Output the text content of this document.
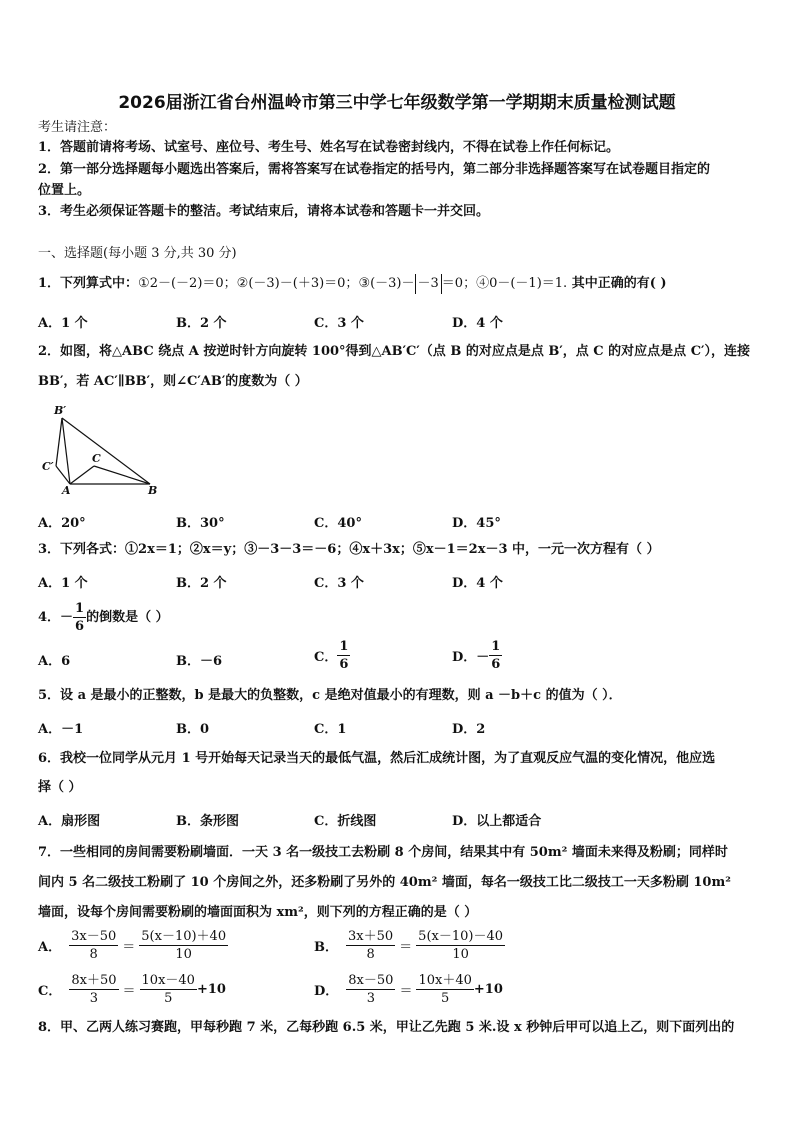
2026届浙江省台州温岭市第三中学七年级数学第一学期期末质量检测试题
考生请注意：
1．答题前请将考场、试室号、座位号、考生号、姓名写在试卷密封线内，不得在试卷上作任何标记。
2．第一部分选择题每小题选出答案后，需将答案写在试卷指定的括号内，第二部分非选择题答案写在试卷题目指定的
位置上。
3．考生必须保证答题卡的整洁。考试结束后，请将本试卷和答题卡一并交回。
一、选择题(每小题 3 分,共 30 分)
1．下列算式中：①2－(－2)＝0；②(－3)－(＋3)＝0；③(－3)－ －3 ＝0；④0－(－1)＝1. 其中正确的有( )
A．1 个	B．2 个	C．3 个	D．4 个
2．如图，将△ABC 绕点 A 按逆时针方向旋转 100°得到△AB′C′（点 B 的对应点是点 B′，点 C 的对应点是点 C′），连接
BB′，若 AC′∥BB′，则∠C′AB′的度数为（ ）
B′
C′
C
A	B
A．20°	B．30°	C．40°	D．45°
3．下列各式：①2x＝1；②x＝y；③－3－3＝－6；④x＋3x；⑤x－1＝2x－3 中，一元一次方程有（ ）
A．1 个	B．2 个	C．3 个	D．4 个
4．－ $\frac{1}{6}$ 的倒数是（ ）
A．6	B．－6	C． $\frac{1}{6}$	D．－ $\frac{1}{6}$
5．设 a 是最小的正整数，b 是最大的负整数，c 是绝对值最小的有理数，则 a －b＋c 的值为（ ）．
A．－1	B．0	C．1	D．2
6．我校一位同学从元月 1 号开始每天记录当天的最低气温，然后汇成统计图，为了直观反应气温的变化情况，他应选
择（ ）
A．扇形图	B．条形图	C．折线图	D．以上都适合
7．一些相同的房间需要粉刷墙面．一天 3 名一级技工去粉刷 8 个房间，结果其中有 50m² 墙面未来得及粉刷；同样时
间内 5 名二级技工粉刷了 10 个房间之外，还多粉刷了另外的 40m² 墙面，每名一级技工比二级技工一天多粉刷 10m²
墙面，设每个房间需要粉刷的墙面面积为 xm²，则下列的方程正确的是（ ）
A． $\frac{3x-50}{8} = \frac{5(x-10)+40}{10}$	B． $\frac{3x+50}{8} = \frac{5(x-10)-40}{10}$
C． $\frac{8x+50}{3} = \frac{10x-40}{5} +10$	D． $\frac{8x-50}{3} = \frac{10x+40}{5} +10$
8．甲、乙两人练习赛跑，甲每秒跑 7 米，乙每秒跑 6.5 米，甲让乙先跑 5 米.设 x 秒钟后甲可以追上乙，则下面列出的
